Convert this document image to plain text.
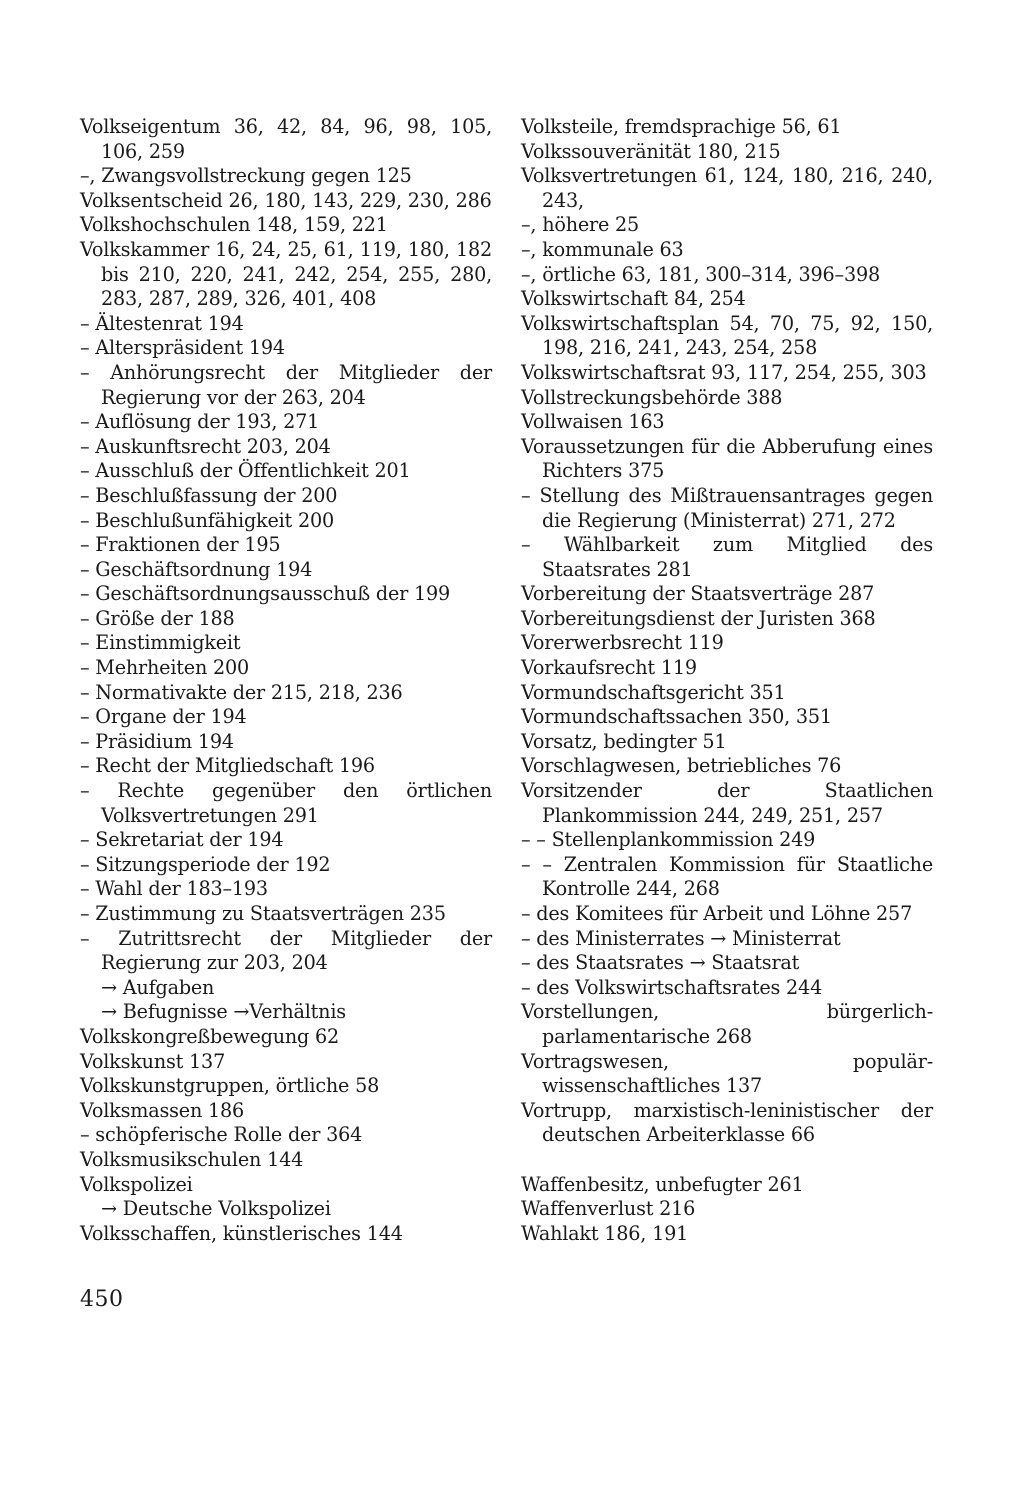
Volkseigentum 36, 42, 84, 96, 98, 105, 106, 259
–, Zwangsvollstreckung gegen 125
Volksentscheid 26, 180, 143, 229, 230, 286
Volkshochschulen 148, 159, 221
Volkskammer 16, 24, 25, 61, 119, 180, 182 bis 210, 220, 241, 242, 254, 255, 280, 283, 287, 289, 326, 401, 408
– Ältestenrat 194
– Alterspräsident 194
– Anhörungsrecht der Mitglieder der Regierung vor der 263, 204
– Auflösung der 193, 271
– Auskunftsrecht 203, 204
– Ausschluß der Öffentlichkeit 201
– Beschlußfassung der 200
– Beschlußunfähigkeit 200
– Fraktionen der 195
– Geschäftsordnung 194
– Geschäftsordnungsausschuß der 199
– Größe der 188
– Einstimmigkeit
– Mehrheiten 200
– Normativakte der 215, 218, 236
– Organe der 194
– Präsidium 194
– Recht der Mitgliedschaft 196
– Rechte gegenüber den örtlichen Volksvertretungen 291
– Sekretariat der 194
– Sitzungsperiode der 192
– Wahl der 183–193
– Zustimmung zu Staatsverträgen 235
– Zutrittsrecht der Mitglieder der Regierung zur 203, 204
→ Aufgaben
→ Befugnisse →Verhältnis
Volkskongreßbewegung 62
Volkskunst 137
Volkskunstgruppen, örtliche 58
Volksmassen 186
– schöpferische Rolle der 364
Volksmusikschulen 144
Volkspolizei
→ Deutsche Volkspolizei
Volksschaffen, künstlerisches 144
Volksteile, fremdsprachige 56, 61
Volkssouveränität 180, 215
Volksvertretungen 61, 124, 180, 216, 240, 243,
–, höhere 25
–, kommunale 63
–, örtliche 63, 181, 300–314, 396–398
Volkswirtschaft 84, 254
Volkswirtschaftsplan 54, 70, 75, 92, 150, 198, 216, 241, 243, 254, 258
Volkswirtschaftsrat 93, 117, 254, 255, 303
Vollstreckungsbehörde 388
Vollwaisen 163
Voraussetzungen für die Abberufung eines Richters 375
– Stellung des Mißtrauensantrages gegen die Regierung (Ministerrat) 271, 272
– Wählbarkeit zum Mitglied des Staatsrates 281
Vorbereitung der Staatsverträge 287
Vorbereitungsdienst der Juristen 368
Vorerwerbsrecht 119
Vorkaufsrecht 119
Vormundschaftsgericht 351
Vormundschaftssachen 350, 351
Vorsatz, bedingter 51
Vorschlagwesen, betriebliches 76
Vorsitzender der Staatlichen Plankommission 244, 249, 251, 257
– – Stellenplankommission 249
– – Zentralen Kommission für Staatliche Kontrolle 244, 268
– des Komitees für Arbeit und Löhne 257
– des Ministerrates → Ministerrat
– des Staatsrates → Staatsrat
– des Volkswirtschaftsrates 244
Vorstellungen, bürgerlich-parlamentarische 268
Vortragswesen, populär-wissenschaftliches 137
Vortrupp, marxistisch-leninistischer der deutschen Arbeiterklasse 66
Waffenbesitz, unbefugter 261
Waffenverlust 216
Wahlakt 186, 191
450
